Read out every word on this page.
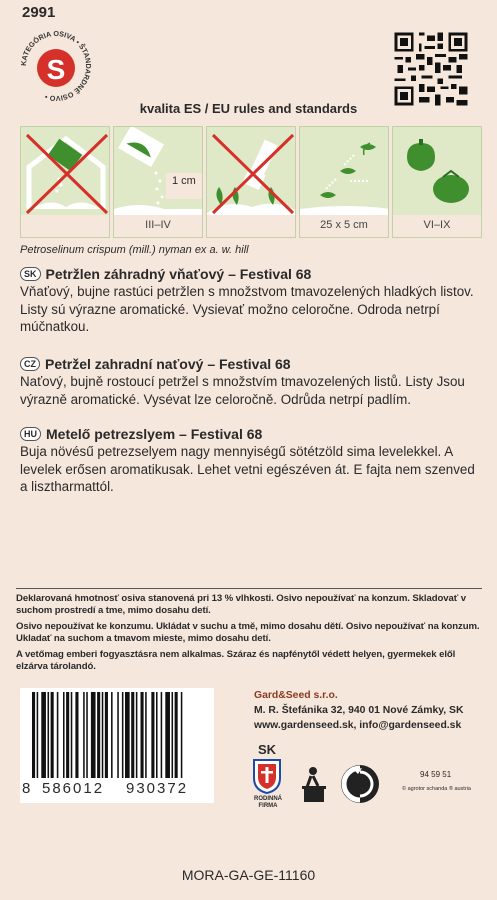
2991
KATEGÓRIA OSIVA • ŠTANDARDNÉ OSIVO •
S
kvalita ES / EU rules and standards
1 cm
III–IV	25 x 5 cm	VI–IX
Petroselinum crispum (mill.) nyman ex a. w. hill
SK Petržlen záhradný vňaťový – Festival 68
Vňaťový, bujne rastúci petržlen s množstvom tmavozelených hladkých listov. Listy sú výrazne aromatické. Vysievať možno celoročne. Odroda netrpí múčnatkou.
CZ Petržel zahradní naťový – Festival 68
Naťový, bujně rostoucí petržel s množstvím tmavozelených listů. Listy Jsou výrazně aromatické. Vysévat lze celoročně. Odrůda netrpí padlím.
HU Metelő petrezslyem – Festival 68
Buja növésű petrezselyem nagy mennyiségű sötétzöld sima levelekkel. A levelek erősen aromatikusak. Lehet vetni egészéven át. E fajta nem szenved a lisztharmattól.

Deklarovaná hmotnosť osiva stanovená pri 13 % vlhkosti. Osivo nepoužívať na konzum. Skladovať v suchom prostredí a tme, mimo dosahu detí.

Osivo nepoužívat ke konzumu. Ukládat v suchu a tmě, mimo dosahu dětí. Osivo nepoužívať na konzum. Ukladať na suchom a tmavom mieste, mimo dosahu detí.

A vetőmag emberi fogyasztásra nem alkalmas. Száraz és napfénytől védett helyen, gyermekek elől elzárva tárolandó.

8 586012 930372
Gard&Seed s.r.o.
M. R. Štefánika 32, 940 01 Nové Zámky, SK
www.gardenseed.sk, info@gardenseed.sk
SK
RODINNÁ FIRMA
94 59 51
© agrotor schanda ® austria
MORA-GA-GE-11160
